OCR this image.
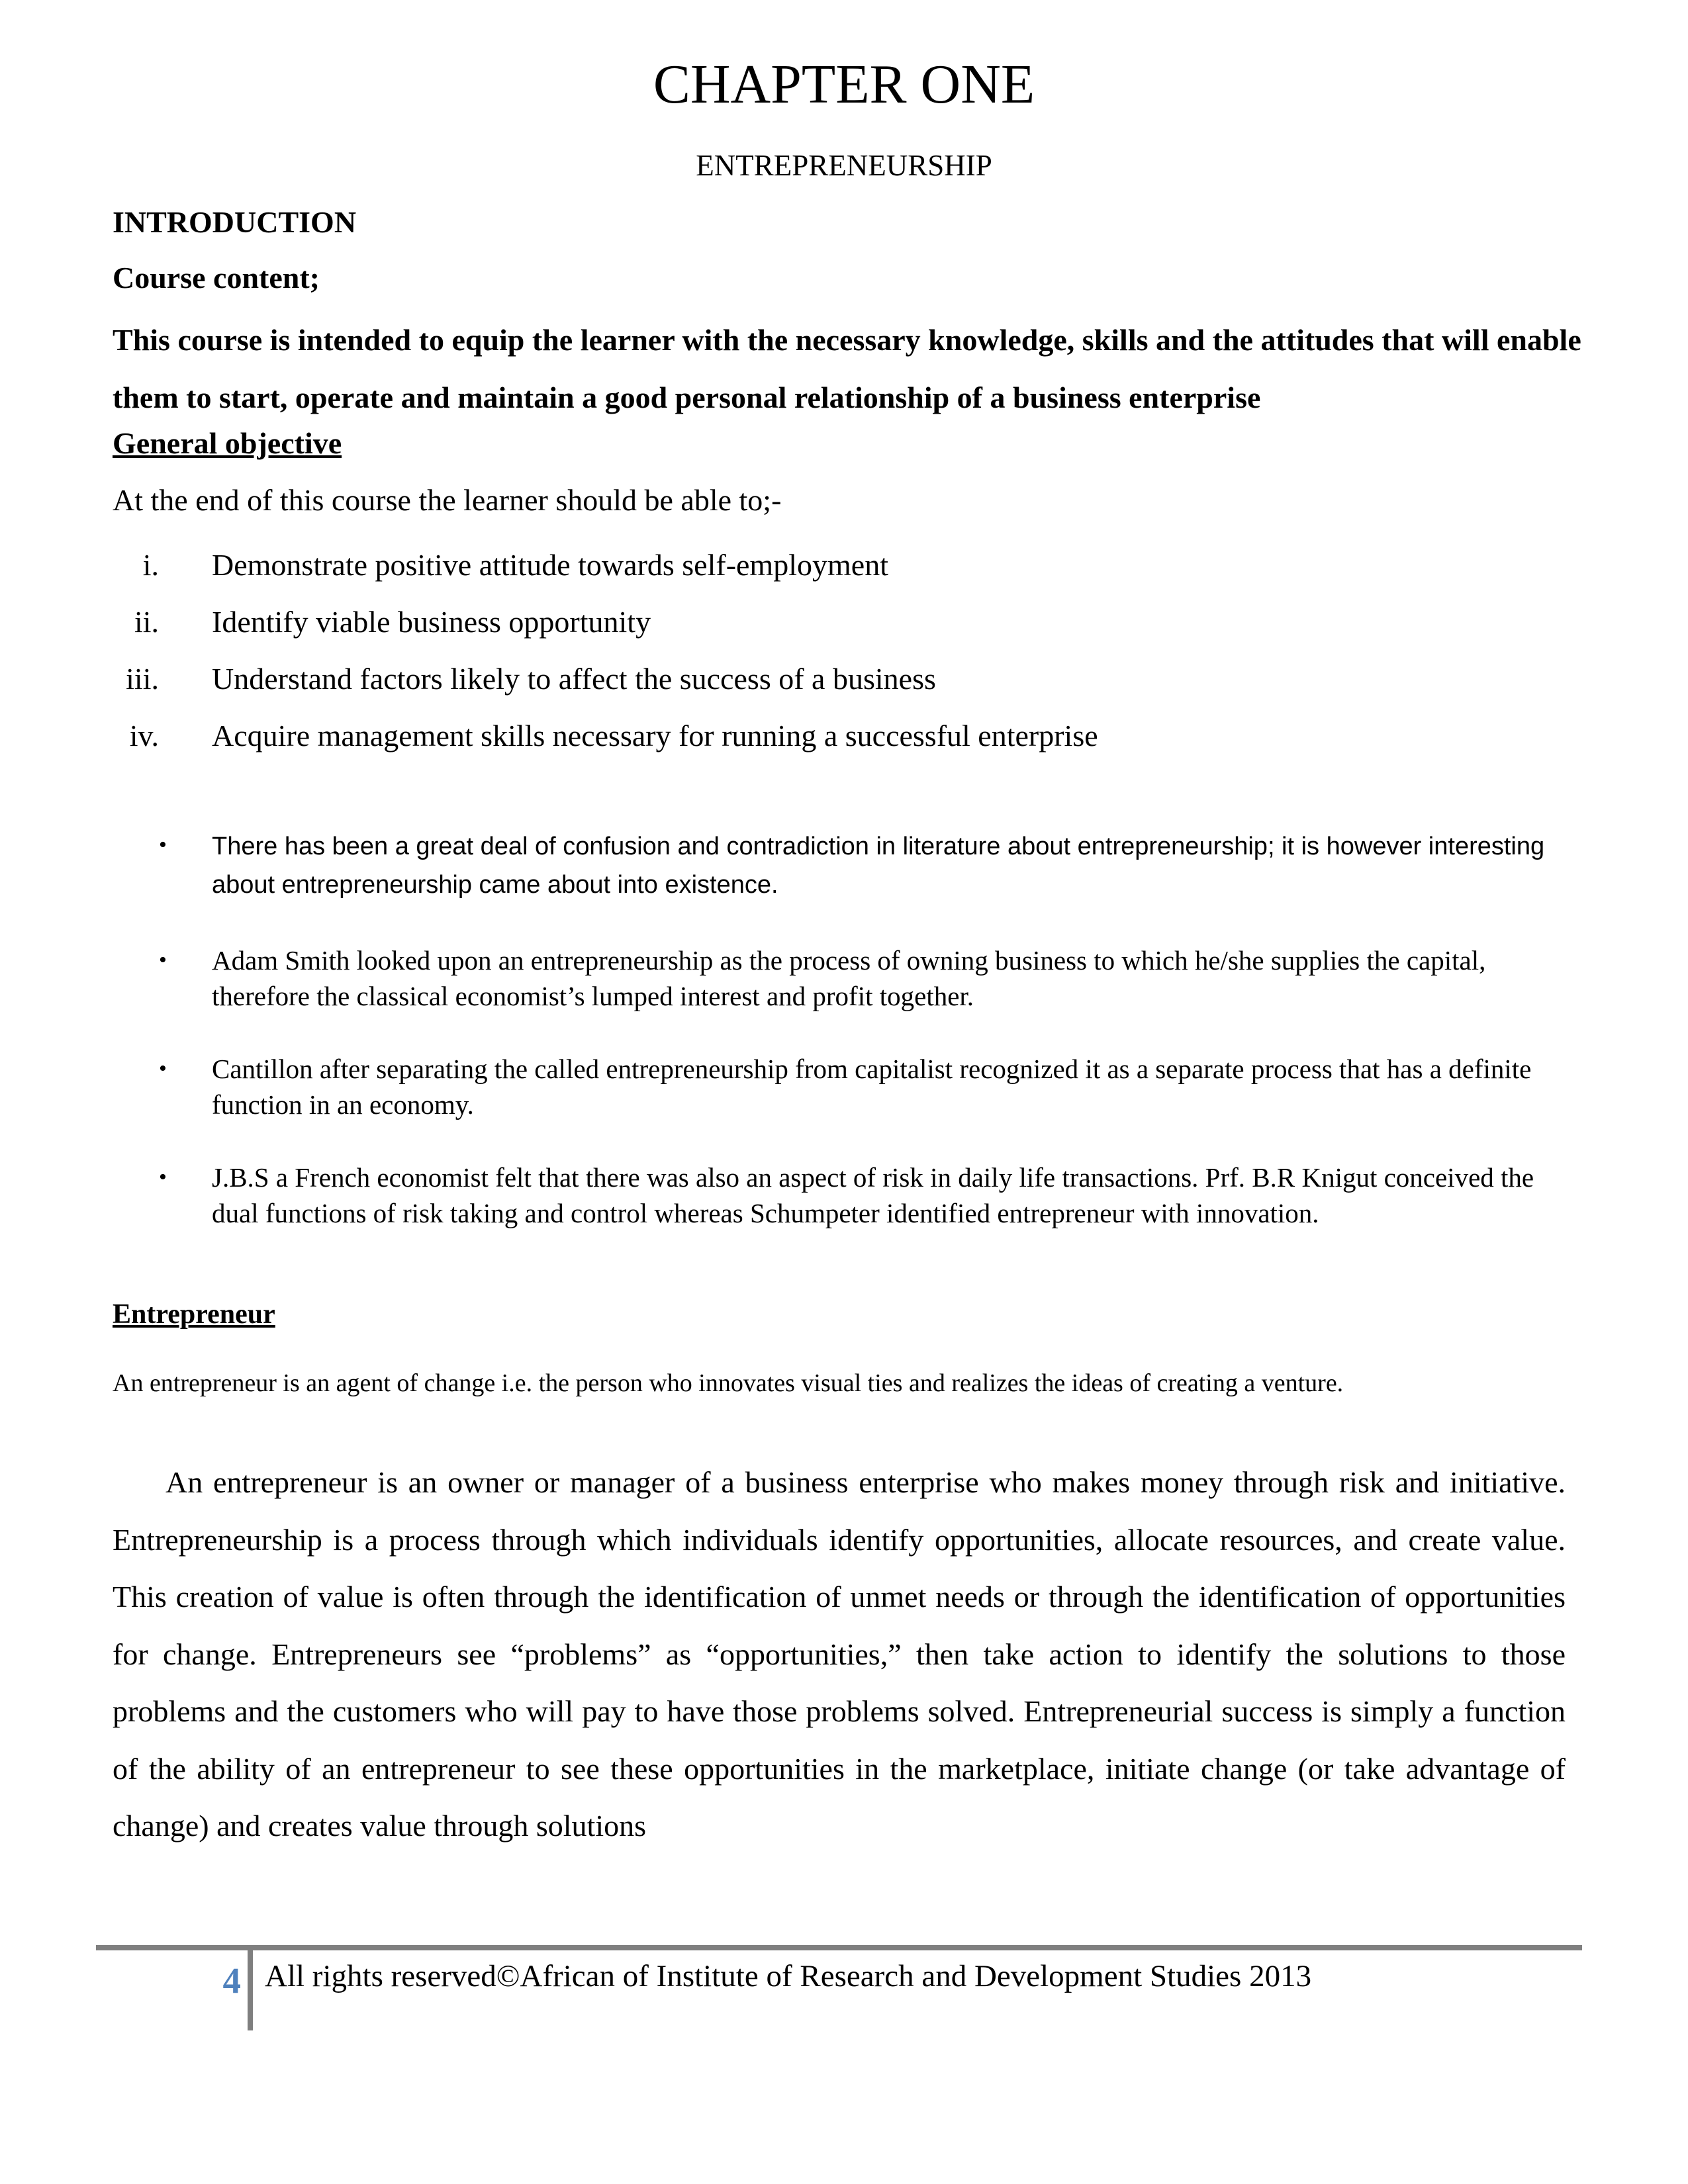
CHAPTER ONE

ENTREPRENEURSHIP

INTRODUCTION

Course content;

This course is intended to equip the learner with the necessary knowledge, skills and the attitudes that will enable them to start, operate and maintain a good personal relationship of a business enterprise

General objective

At the end of this course the learner should be able to;-

i. Demonstrate positive attitude towards self-employment
ii. Identify viable business opportunity
iii. Understand factors likely to affect the success of a business
iv. Acquire management skills necessary for running a successful enterprise
•	There has been a great deal of confusion and contradiction in literature about entrepreneurship; it is however interesting about entrepreneurship came about into existence.
•	Adam Smith looked upon an entrepreneurship as the process of owning business to which he/she supplies the capital, therefore the classical economist’s lumped interest and profit together.
•	Cantillon after separating the called entrepreneurship from capitalist recognized it as a separate process that has a definite function in an economy.
•	J.B.S a French economist felt that there was also an aspect of risk in daily life transactions. Prf. B.R Knigut conceived the dual functions of risk taking and control whereas Schumpeter identified entrepreneur with innovation.

Entrepreneur

An entrepreneur is an agent of change i.e. the person who innovates visual ties and realizes the ideas of creating a venture.

An entrepreneur is an owner or manager of a business enterprise who makes money through risk and initiative. Entrepreneurship is a process through which individuals identify opportunities, allocate resources, and create value. This creation of value is often through the identification of unmet needs or through the identification of opportunities for change. Entrepreneurs see “problems” as “opportunities,” then take action to identify the solutions to those problems and the customers who will pay to have those problems solved. Entrepreneurial success is simply a function of the ability of an entrepreneur to see these opportunities in the marketplace, initiate change (or take advantage of change) and creates value through solutions

4 All rights reserved©African of Institute of Research and Development Studies 2013
